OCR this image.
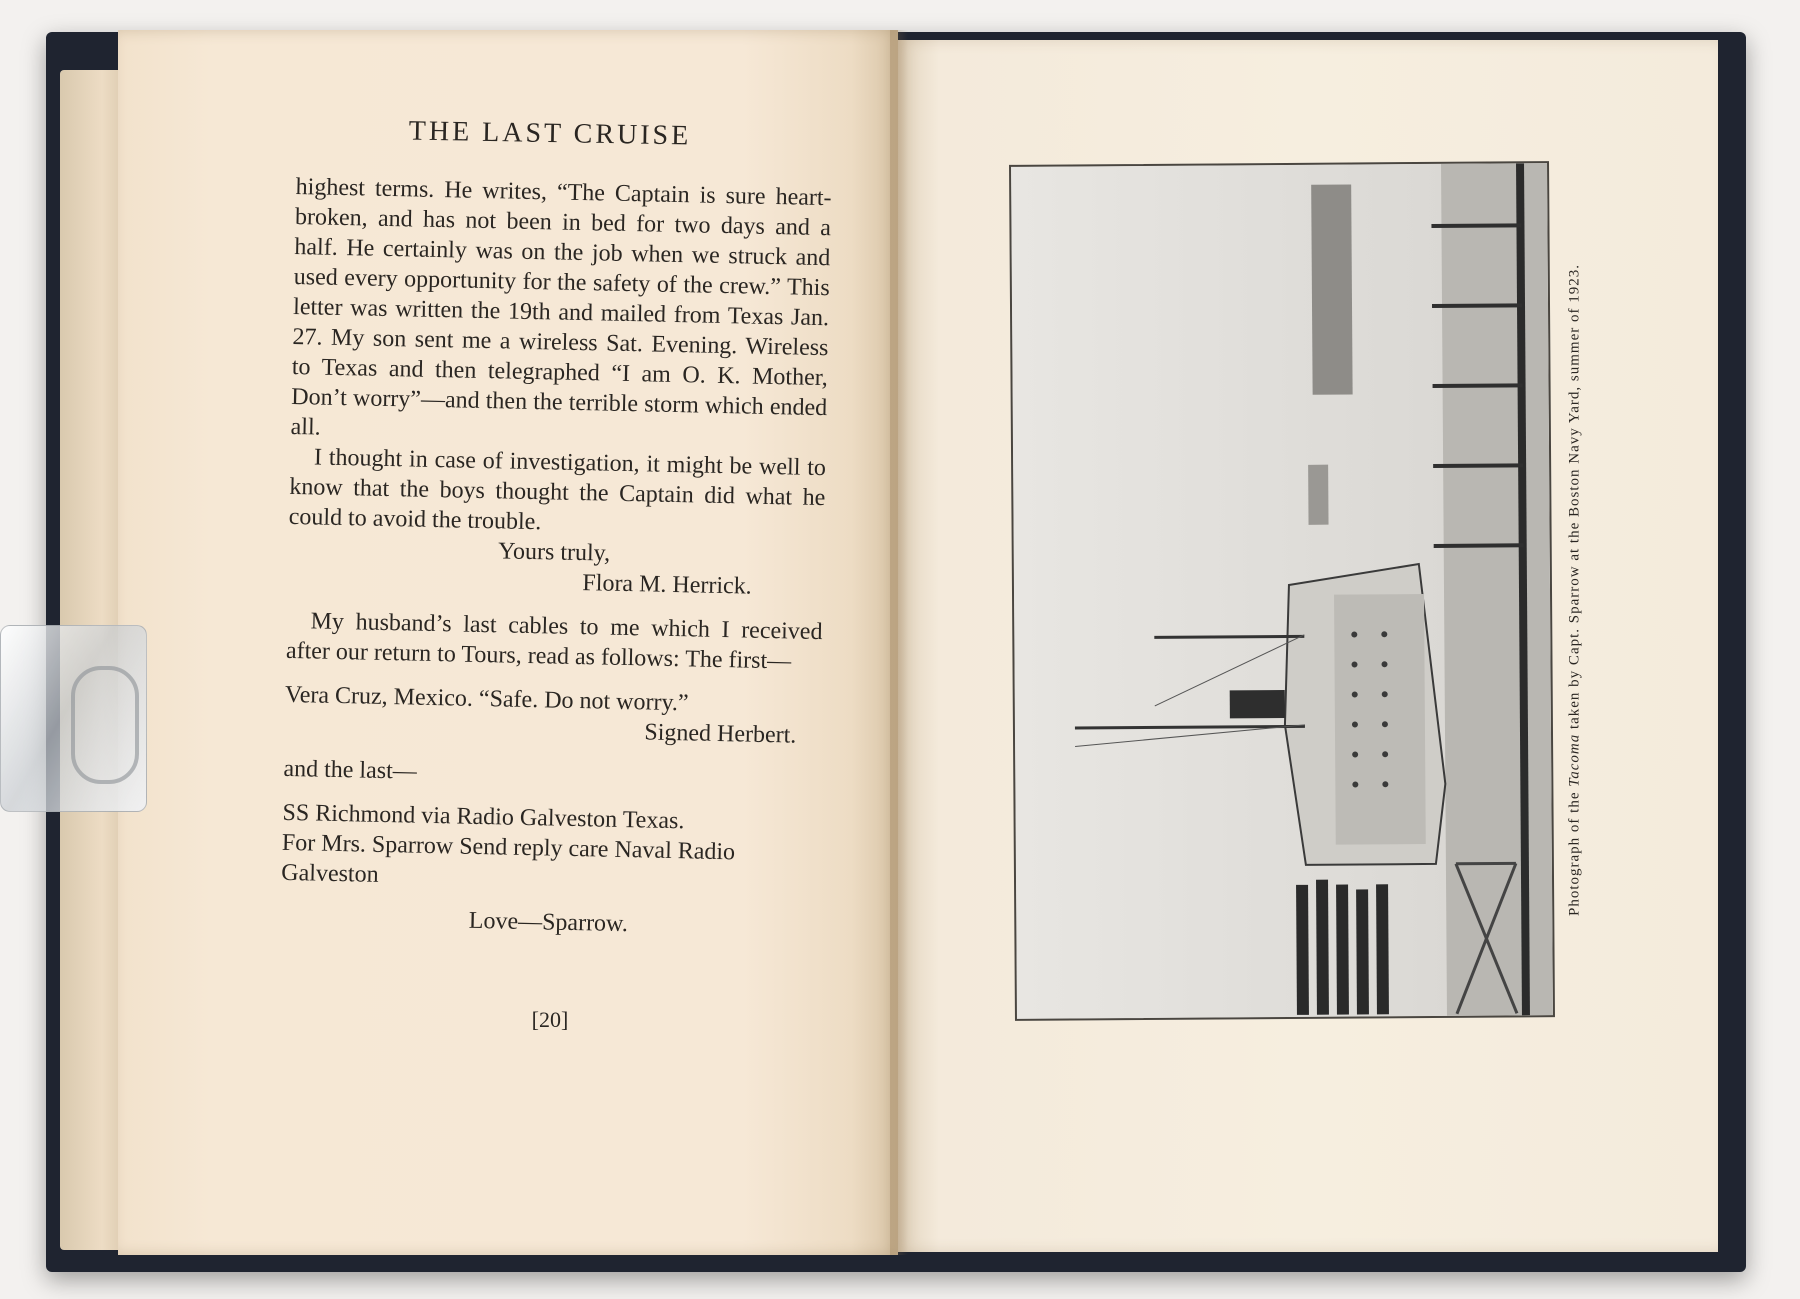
THE LAST CRUISE

highest terms. He writes, “The Captain is sure heart-broken, and has not been in bed for two days and a half. He certainly was on the job when we struck and used every opportunity for the safety of the crew.” This letter was written the 19th and mailed from Texas Jan. 27. My son sent me a wireless Sat. Evening. Wireless to Texas and then telegraphed “I am O. K. Mother, Don’t worry”—and then the terrible storm which ended all.

I thought in case of investigation, it might be well to know that the boys thought the Captain did what he could to avoid the trouble.

Yours truly,

Flora M. Herrick.

My husband’s last cables to me which I received after our return to Tours, read as follows: The first—

Vera Cruz, Mexico. “Safe. Do not worry.”

Signed Herbert.

and the last—

SS Richmond via Radio Galveston Texas.

For Mrs. Sparrow Send reply care Naval Radio Galveston

Love—Sparrow.

[20]
Photograph of the Tacoma taken by Capt. Sparrow at the Boston Navy Yard, summer of 1923.
